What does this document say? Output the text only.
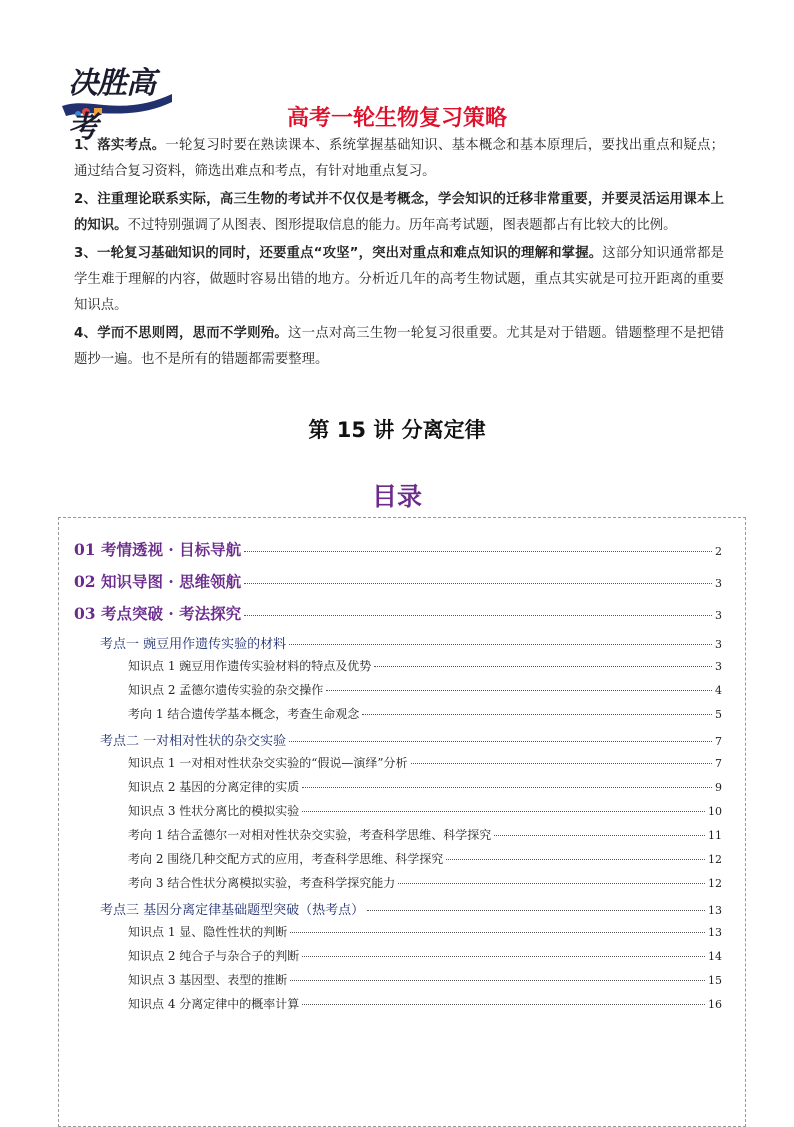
决胜高考	高考一轮生物复习策略

1、落实考点。一轮复习时要在熟读课本、系统掌握基础知识、基本概念和基本原理后，要找出重点和疑点；通过结合复习资料，筛选出难点和考点，有针对地重点复习。

2、注重理论联系实际，高三生物的考试并不仅仅是考概念，学会知识的迁移非常重要，并要灵活运用课本上的知识。不过特别强调了从图表、图形提取信息的能力。历年高考试题，图表题都占有比较大的比例。

3、一轮复习基础知识的同时，还要重点“攻坚”，突出对重点和难点知识的理解和掌握。这部分知识通常都是学生难于理解的内容，做题时容易出错的地方。分析近几年的高考生物试题，重点其实就是可拉开距离的重要知识点。

4、学而不思则罔，思而不学则殆。这一点对高三生物一轮复习很重要。尤其是对于错题。错题整理不是把错题抄一遍。也不是所有的错题都需要整理。

第 15 讲 分离定律
目录
01 考情透视 · 目标导航	2
02 知识导图 · 思维领航	3
03 考点突破 · 考法探究	3
考点一 豌豆用作遗传实验的材料	3
知识点 1 豌豆用作遗传实验材料的特点及优势	3
知识点 2 孟德尔遗传实验的杂交操作	4
考向 1 结合遗传学基本概念，考查生命观念	5
考点二 一对相对性状的杂交实验	7
知识点 1 一对相对性状杂交实验的“假说—演绎”分析	7
知识点 2 基因的分离定律的实质	9
知识点 3 性状分离比的模拟实验	10
考向 1 结合孟德尔一对相对性状杂交实验，考查科学思维、科学探究	11
考向 2 围绕几种交配方式的应用，考查科学思维、科学探究	12
考向 3 结合性状分离模拟实验，考查科学探究能力	12
考点三 基因分离定律基础题型突破（热考点）	13
知识点 1 显、隐性性状的判断	13
知识点 2 纯合子与杂合子的判断	14
知识点 3 基因型、表型的推断	15
知识点 4 分离定律中的概率计算	16
